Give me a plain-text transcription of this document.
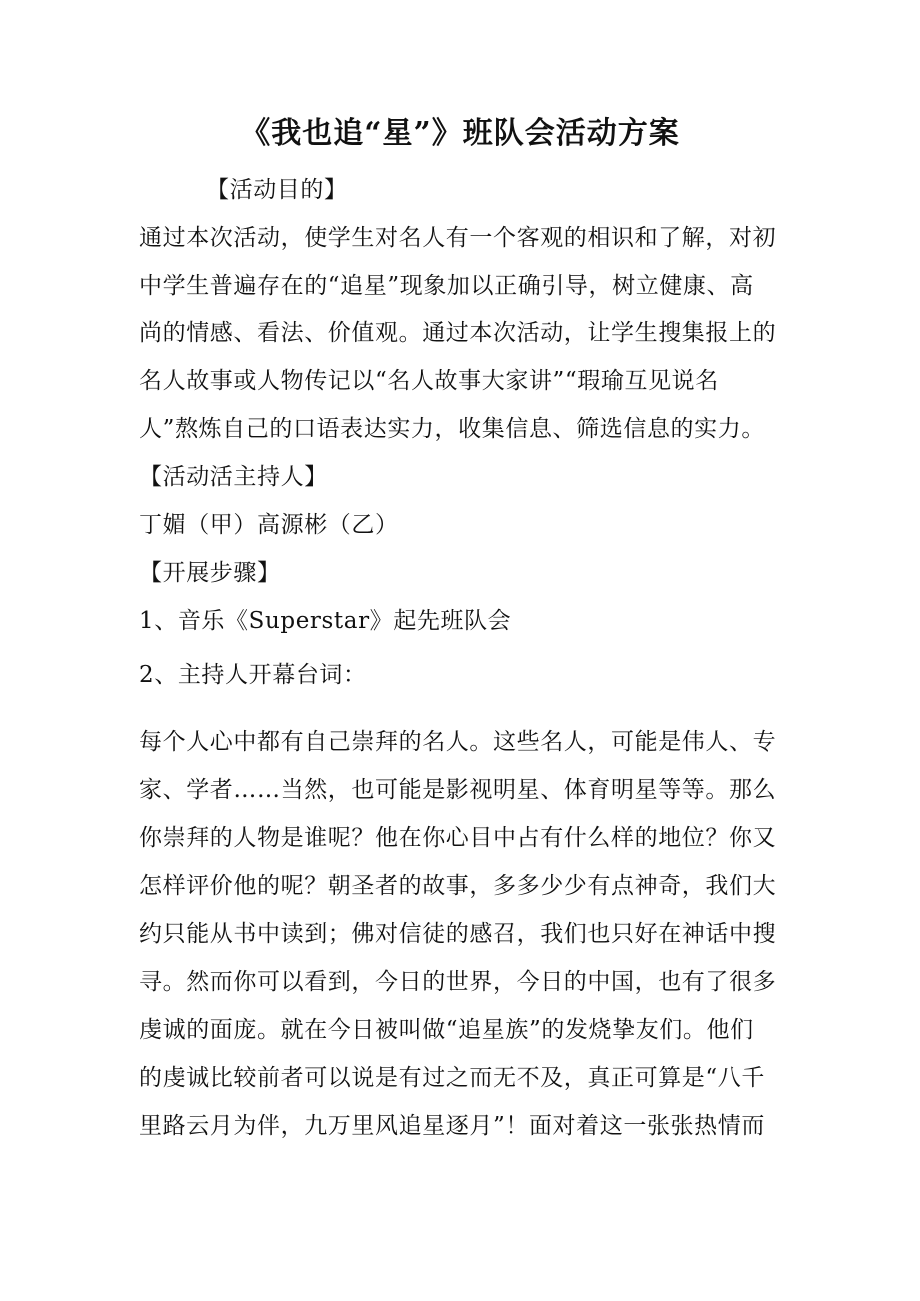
《我也追“星”》班队会活动方案
【活动目的】
通过本次活动，使学生对名人有一个客观的相识和了解，对初
中学生普遍存在的“追星”现象加以正确引导，树立健康、高
尚的情感、看法、价值观。通过本次活动，让学生搜集报上的
名人故事或人物传记以“名人故事大家讲”“瑕瑜互见说名
人”熬炼自己的口语表达实力，收集信息、筛选信息的实力。
【活动活主持人】
丁媚（甲）高源彬（乙）
【开展步骤】
1、音乐《Superstar》起先班队会
2、主持人开幕台词：
每个人心中都有自己崇拜的名人。这些名人，可能是伟人、专
家、学者……当然，也可能是影视明星、体育明星等等。那么
你崇拜的人物是谁呢？他在你心目中占有什么样的地位？你又
怎样评价他的呢？朝圣者的故事，多多少少有点神奇，我们大
约只能从书中读到；佛对信徒的感召，我们也只好在神话中搜
寻。然而你可以看到，今日的世界，今日的中国，也有了很多
虔诚的面庞。就在今日被叫做“追星族”的发烧挚友们。他们
的虔诚比较前者可以说是有过之而无不及，真正可算是“八千
里路云月为伴，九万里风追星逐月”！面对着这一张张热情而
